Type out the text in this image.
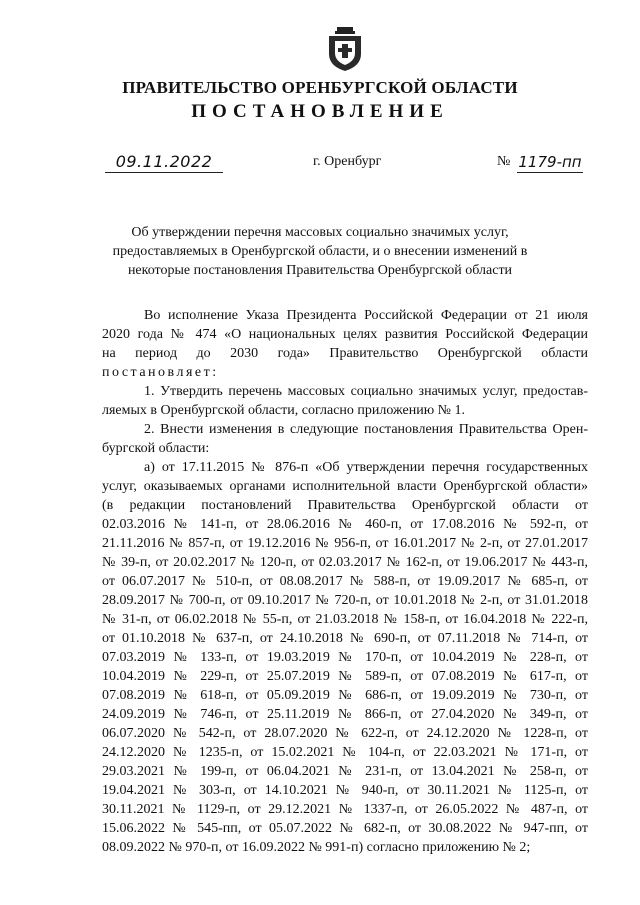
ПРАВИТЕЛЬСТВО ОРЕНБУРГСКОЙ ОБЛАСТИ
ПОСТАНОВЛЕНИЕ
09.11.2022	г. Оренбург	№ 1179-пп
Об утверждении перечня массовых социально значимых услуг,
предоставляемых в Оренбургской области, и о внесении изменений в
некоторые постановления Правительства Оренбургской области
Во исполнение Указа Президента Российской Федерации от 21 июля
2020 года № 474 «О национальных целях развития Российской Федерации
на период до 2030 года» Правительство Оренбургской области
постановляет:
1. Утвердить перечень массовых социально значимых услуг, предостав-
ляемых в Оренбургской области, согласно приложению № 1.
2. Внести изменения в следующие постановления Правительства Орен-
бургской области:
а) от 17.11.2015 № 876-п «Об утверждении перечня государственных
услуг, оказываемых органами исполнительной власти Оренбургской области»
(в редакции постановлений Правительства Оренбургской области от
02.03.2016 № 141-п, от 28.06.2016 № 460-п, от 17.08.2016 № 592-п, от
21.11.2016 № 857-п, от 19.12.2016 № 956-п, от 16.01.2017 № 2-п, от 27.01.2017
№ 39-п, от 20.02.2017 № 120-п, от 02.03.2017 № 162-п, от 19.06.2017 № 443-п,
от 06.07.2017 № 510-п, от 08.08.2017 № 588-п, от 19.09.2017 № 685-п, от
28.09.2017 № 700-п, от 09.10.2017 № 720-п, от 10.01.2018 № 2-п, от 31.01.2018
№ 31-п, от 06.02.2018 № 55-п, от 21.03.2018 № 158-п, от 16.04.2018 № 222-п,
от 01.10.2018 № 637-п, от 24.10.2018 № 690-п, от 07.11.2018 № 714-п, от
07.03.2019 № 133-п, от 19.03.2019 № 170-п, от 10.04.2019 № 228-п, от
10.04.2019 № 229-п, от 25.07.2019 № 589-п, от 07.08.2019 № 617-п, от
07.08.2019 № 618-п, от 05.09.2019 № 686-п, от 19.09.2019 № 730-п, от
24.09.2019 № 746-п, от 25.11.2019 № 866-п, от 27.04.2020 № 349-п, от
06.07.2020 № 542-п, от 28.07.2020 № 622-п, от 24.12.2020 № 1228-п, от
24.12.2020 № 1235-п, от 15.02.2021 № 104-п, от 22.03.2021 № 171-п, от
29.03.2021 № 199-п, от 06.04.2021 № 231-п, от 13.04.2021 № 258-п, от
19.04.2021 № 303-п, от 14.10.2021 № 940-п, от 30.11.2021 № 1125-п, от
30.11.2021 № 1129-п, от 29.12.2021 № 1337-п, от 26.05.2022 № 487-п, от
15.06.2022 № 545-пп, от 05.07.2022 № 682-п, от 30.08.2022 № 947-пп, от
08.09.2022 № 970-п, от 16.09.2022 № 991-п) согласно приложению № 2;
